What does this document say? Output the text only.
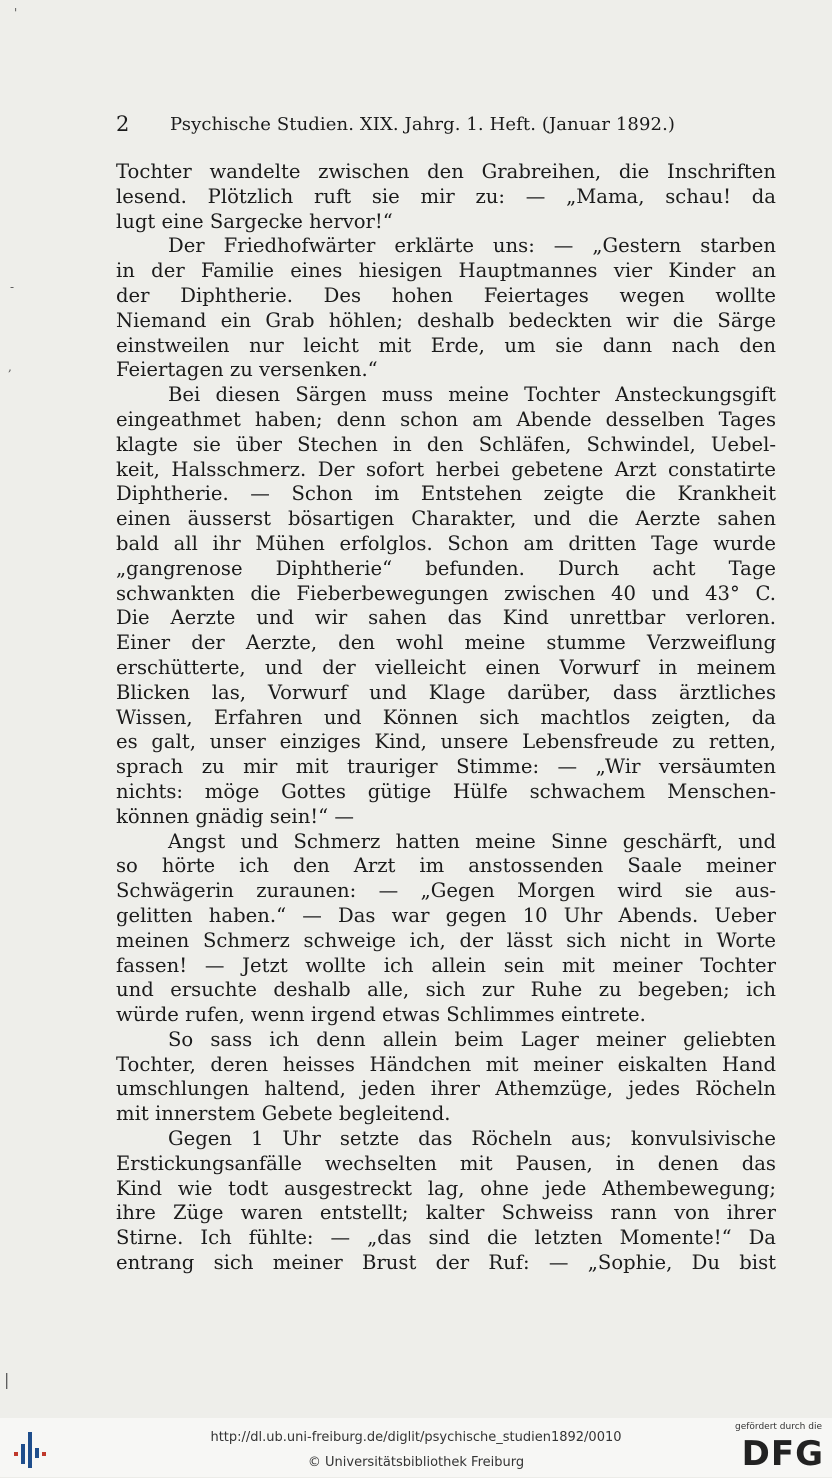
'
-
,
|
2 Psychische Studien. XIX. Jahrg. 1. Heft. (Januar 1892.)
Tochter wandelte zwischen den Grabreihen, die Inschriften
lesend. Plötzlich ruft sie mir zu: — „Mama, schau! da
lugt eine Sargecke hervor!“
Der Friedhofwärter erklärte uns: — „Gestern starben
in der Familie eines hiesigen Hauptmannes vier Kinder an
der Diphtherie. Des hohen Feiertages wegen wollte
Niemand ein Grab höhlen; deshalb bedeckten wir die Särge
einstweilen nur leicht mit Erde, um sie dann nach den
Feiertagen zu versenken.“
Bei diesen Särgen muss meine Tochter Ansteckungsgift
eingeathmet haben; denn schon am Abende desselben Tages
klagte sie über Stechen in den Schläfen, Schwindel, Uebel-
keit, Halsschmerz. Der sofort herbei gebetene Arzt constatirte
Diphtherie. — Schon im Entstehen zeigte die Krankheit
einen äusserst bösartigen Charakter, und die Aerzte sahen
bald all ihr Mühen erfolglos. Schon am dritten Tage wurde
„gangrenose Diphtherie“ befunden. Durch acht Tage
schwankten die Fieberbewegungen zwischen 40 und 43° C.
Die Aerzte und wir sahen das Kind unrettbar verloren.
Einer der Aerzte, den wohl meine stumme Verzweiflung
erschütterte, und der vielleicht einen Vorwurf in meinem
Blicken las, Vorwurf und Klage darüber, dass ärztliches
Wissen, Erfahren und Können sich machtlos zeigten, da
es galt, unser einziges Kind, unsere Lebensfreude zu retten,
sprach zu mir mit trauriger Stimme: — „Wir versäumten
nichts: möge Gottes gütige Hülfe schwachem Menschen-
können gnädig sein!“ —
Angst und Schmerz hatten meine Sinne geschärft, und
so hörte ich den Arzt im anstossenden Saale meiner
Schwägerin zuraunen: — „Gegen Morgen wird sie aus-
gelitten haben.“ — Das war gegen 10 Uhr Abends. Ueber
meinen Schmerz schweige ich, der lässt sich nicht in Worte
fassen! — Jetzt wollte ich allein sein mit meiner Tochter
und ersuchte deshalb alle, sich zur Ruhe zu begeben; ich
würde rufen, wenn irgend etwas Schlimmes eintrete.
So sass ich denn allein beim Lager meiner geliebten
Tochter, deren heisses Händchen mit meiner eiskalten Hand
umschlungen haltend, jeden ihrer Athemzüge, jedes Röcheln
mit innerstem Gebete begleitend.
Gegen 1 Uhr setzte das Röcheln aus; konvulsivische
Erstickungsanfälle wechselten mit Pausen, in denen das
Kind wie todt ausgestreckt lag, ohne jede Athembewegung;
ihre Züge waren entstellt; kalter Schweiss rann von ihrer
Stirne. Ich fühlte: — „das sind die letzten Momente!“ Da
entrang sich meiner Brust der Ruf: — „Sophie, Du bist
http://dl.ub.uni-freiburg.de/diglit/psychische_studien1892/0010
© Universitätsbibliothek Freiburg
gefördert durch die
DFG
